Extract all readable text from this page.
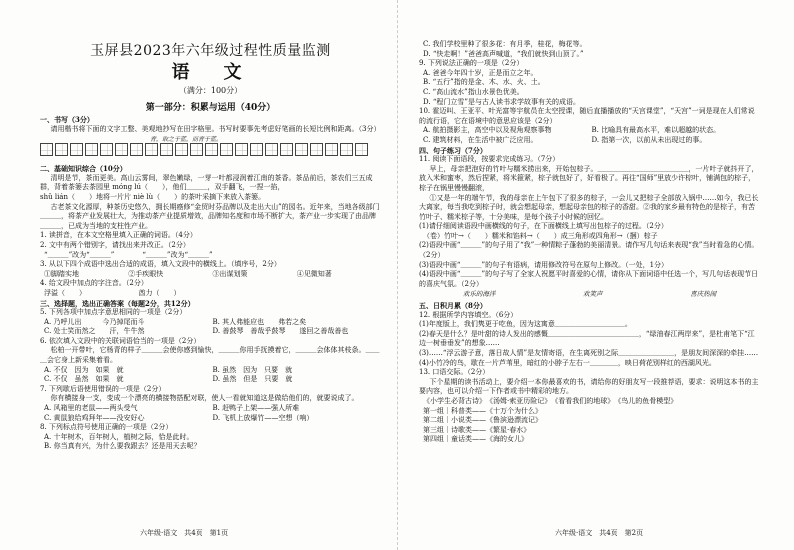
玉屏县2023年六年级过程性质量监测
语　文
（满分：100分）
第一部分：积累与运用（40分）

一、书写（3分）

请用楷书将下面的文字工整、美观地抄写在田字格里。书写时要事先考虑好笔画的长短比例和距离。（3分）

青，取之于蓝，而青于蓝。

二、基础知识综合（10分）

清明是节，茶而更美。高山云雾间，翠色嫩绿，一芽一叶都浸润着江南的茶香。茶品前后，茶农们三五成群，背着茶篓去茶园里 móng lú（　　），他们＿＿＿，双手翻飞，一捏一掐，

shǔ lián（　　）地将一片片 niè lù（　　）的茶叶采摘下来放入茶篓。

古老茶文化源厚，种茶历史悠久，拥长期癌修“金贸时芬品牌以及走出大山”的园名。近年来，当地各级部门＿＿＿，将茶产业发展壮大，为推动茶产业提质增效，品牌知名度和市场不断扩大，茶产业一步实现了由品牌＿＿＿，已成为当地的支柱性产业。

1. 读拼音，在本文空格里填入正确的词语。（4分）

2. 文中有两个错别字，请找出来并改正。（2分）

“＿＿＿”改为“＿＿＿”　　　　“＿＿＿”改为“＿＿＿”

3. 从以下四个成语中选出合适的成语，填入文段中的横线上。（填序号，2分）

①脚踏实地	②手疾眼快	③出谋划策	④见微知著

4. 给文段中加点的字注音。（2分）

浮溢（　　）　　　　　　　　酋力（　　）

三、选择题，选出正确答案（每题2分，共12分）

5. 下列各项中加点字意思相同的一项是（2分）

A. 乃呼儿出　　　今乃掉尾而斗	B. 其人弗能应也　　弗若之矣
C. 处士笑而然之　　汗，牛牛然	D. 善鼓琴　善哉乎鼓琴　　遂回之善哉善也

6. 依次填入文段中的关联词语恰当的一项是（2分）

松柏一开带叶，它杨青的样子＿＿＿会使你感到愉快，＿＿＿你用手抚摸着它，＿＿＿会体体其枝条。＿＿＿会它身上新采集着看。

A. 不仅　因为　如果　就	B. 虽然　因为　只要　就
C. 不仅　虽然　如果　就	D. 虽然　但是　只要　就

7. 下列歇后语使用错误的一项是（2分）

你有横接身一支，变成一个漂亮的横接物搭配对联，使人一看就知道这是做给他们的，就要说成了。

A. 风箱里的老鼠——两头受气	B. 赶鸭子上架——强人所难
C. 黄鼠狼给鸡拜年——没安好心	D. 飞机上放爆竹——空想（响）

8. 下列标点符号使用正确的一项是（2分）

A. 十年树木，百年树人，植树之际，恰是此时。

B. 你当真有兴，为什么要我跟去？还是用天去呢？

C. 我们学校里种了很多花：有月季，桂花，梅花等。

D. “快走啊！”爸爸高声喊道，“我们就快到山顶了。”

9. 下列说法正确的一项是（2分）

A. 爸爸今年四十岁，正是而立之年。

B. “五行”指的是金、木、水、火、土。

C. “高山流水”指山水景色优美。

D. “程门立雪”是与古人读书求学故事有关的成语。

10. 霍迈叫、王亚平、叶光富等宇航员在太空授课，随后直播播放的“天宫课堂”，“天宫”一词是现在人们常说的流行语，它在语境中的意思应该是（2分）

A. 航拍摄影主，高空中以及视角观察事物	B. 比喻具有最高水平，难以超越的状态。
C. 建筑材料，在生活中被广泛应用。	D. 指第一次，以前从未出现过的事。

四、句子练习（7分）

11. 阅读下面语段，按要求完成练习。（7分）

早上，母亲把泡好的竹叶与糯米捞出来，开始包棕子。＿＿＿＿＿＿＿＿＿＿＿＿＿，一片叶子就抖开了，放入米和蜜枣，然后捏紧，将米箍紧，棕子就包好了，好看极了。再往“国师”里放少许棕叶，铺满包的棕子，棕子在锅里慢慢翻滚，

①又是一年的端午节，我的母亲在上午包下了很多的棕子，一会儿又把棕子全部放入锅中……如今，我已长大离家，每当我吃到棕子时，就会想起母亲，想起母亲包的棕子的香甜。②我的家乡最有特色的是棕子，有苦竹叶子、糯米棕子等，十分美味，是每个孩子小时候的回忆。

(1)请仔细阅读语段中画横线的句子，在下面横线上填写出包棕子的过程。（2分）

（卷）竹叶→（　　）糯米和馅料→（　　）成三角形或四角形→（捆）棕子

(2)语段中画“＿＿＿”的句子用了“我”一种情粽子蓬勃的美丽清景。请作写几句话来表现“我”当时看急的心情。（2分）

(3)语段中画“＿＿＿”的句子有语病，请用修改符号在原句上修改。（一处，1分）

(4)语段中画“＿＿＿”的句子写了全家人祝愿平时喜爱的心情，请你从下面词语中任选一个，写几句话表现节日的喜庆气氛。（2分）

欢乐的海洋	欢笑声	喜庆热闹

五、日积月累（8分）

12. 根据所学内容填空。（6分）

(1)年度版上，我们隽更于吃鱼，因为这寓意＿＿＿＿＿＿＿＿＿＿。

(2)春天是什么？是叶甜的诗人发出的感慨＿＿＿＿＿＿＿＿＿＿＿＿＿，“绿油春江两岸来”，是杜甫笔下“江边一树垂垂发”的想象……

(3)……“浮云游子意，落日故人情”是友情寄语，在生离死别之际＿＿＿＿＿＿＿＿，是朋友间深深的牵挂……

(4)小竹冷的鸟，歇在一片芦苇里，暗红的小脖子左右一＿＿＿＿，映日荷花别样红的西湖风光。

13. 口语交际。（2分）

下个星期的读书活动上，要介绍一本你最喜欢的书，请给你的好朋友写一段推荐语，要求：说明这本书的主要内容，也可以介绍一下作者或书中精彩的地方。

《小学生必背古诗》　《汤姆·索亚历险记》　《看看我们的地球》　《鸟儿的鱼骨模型》

第一组｜科普类——《十万个为什么》

第二组｜小说类——《鲁滨逊漂流记》

第三组｜诗歌类——《繁星·春水》

第四组｜童话类——《海的女儿》

六年级·语文　共4页　第1页	六年级·语文　共4页　第2页
